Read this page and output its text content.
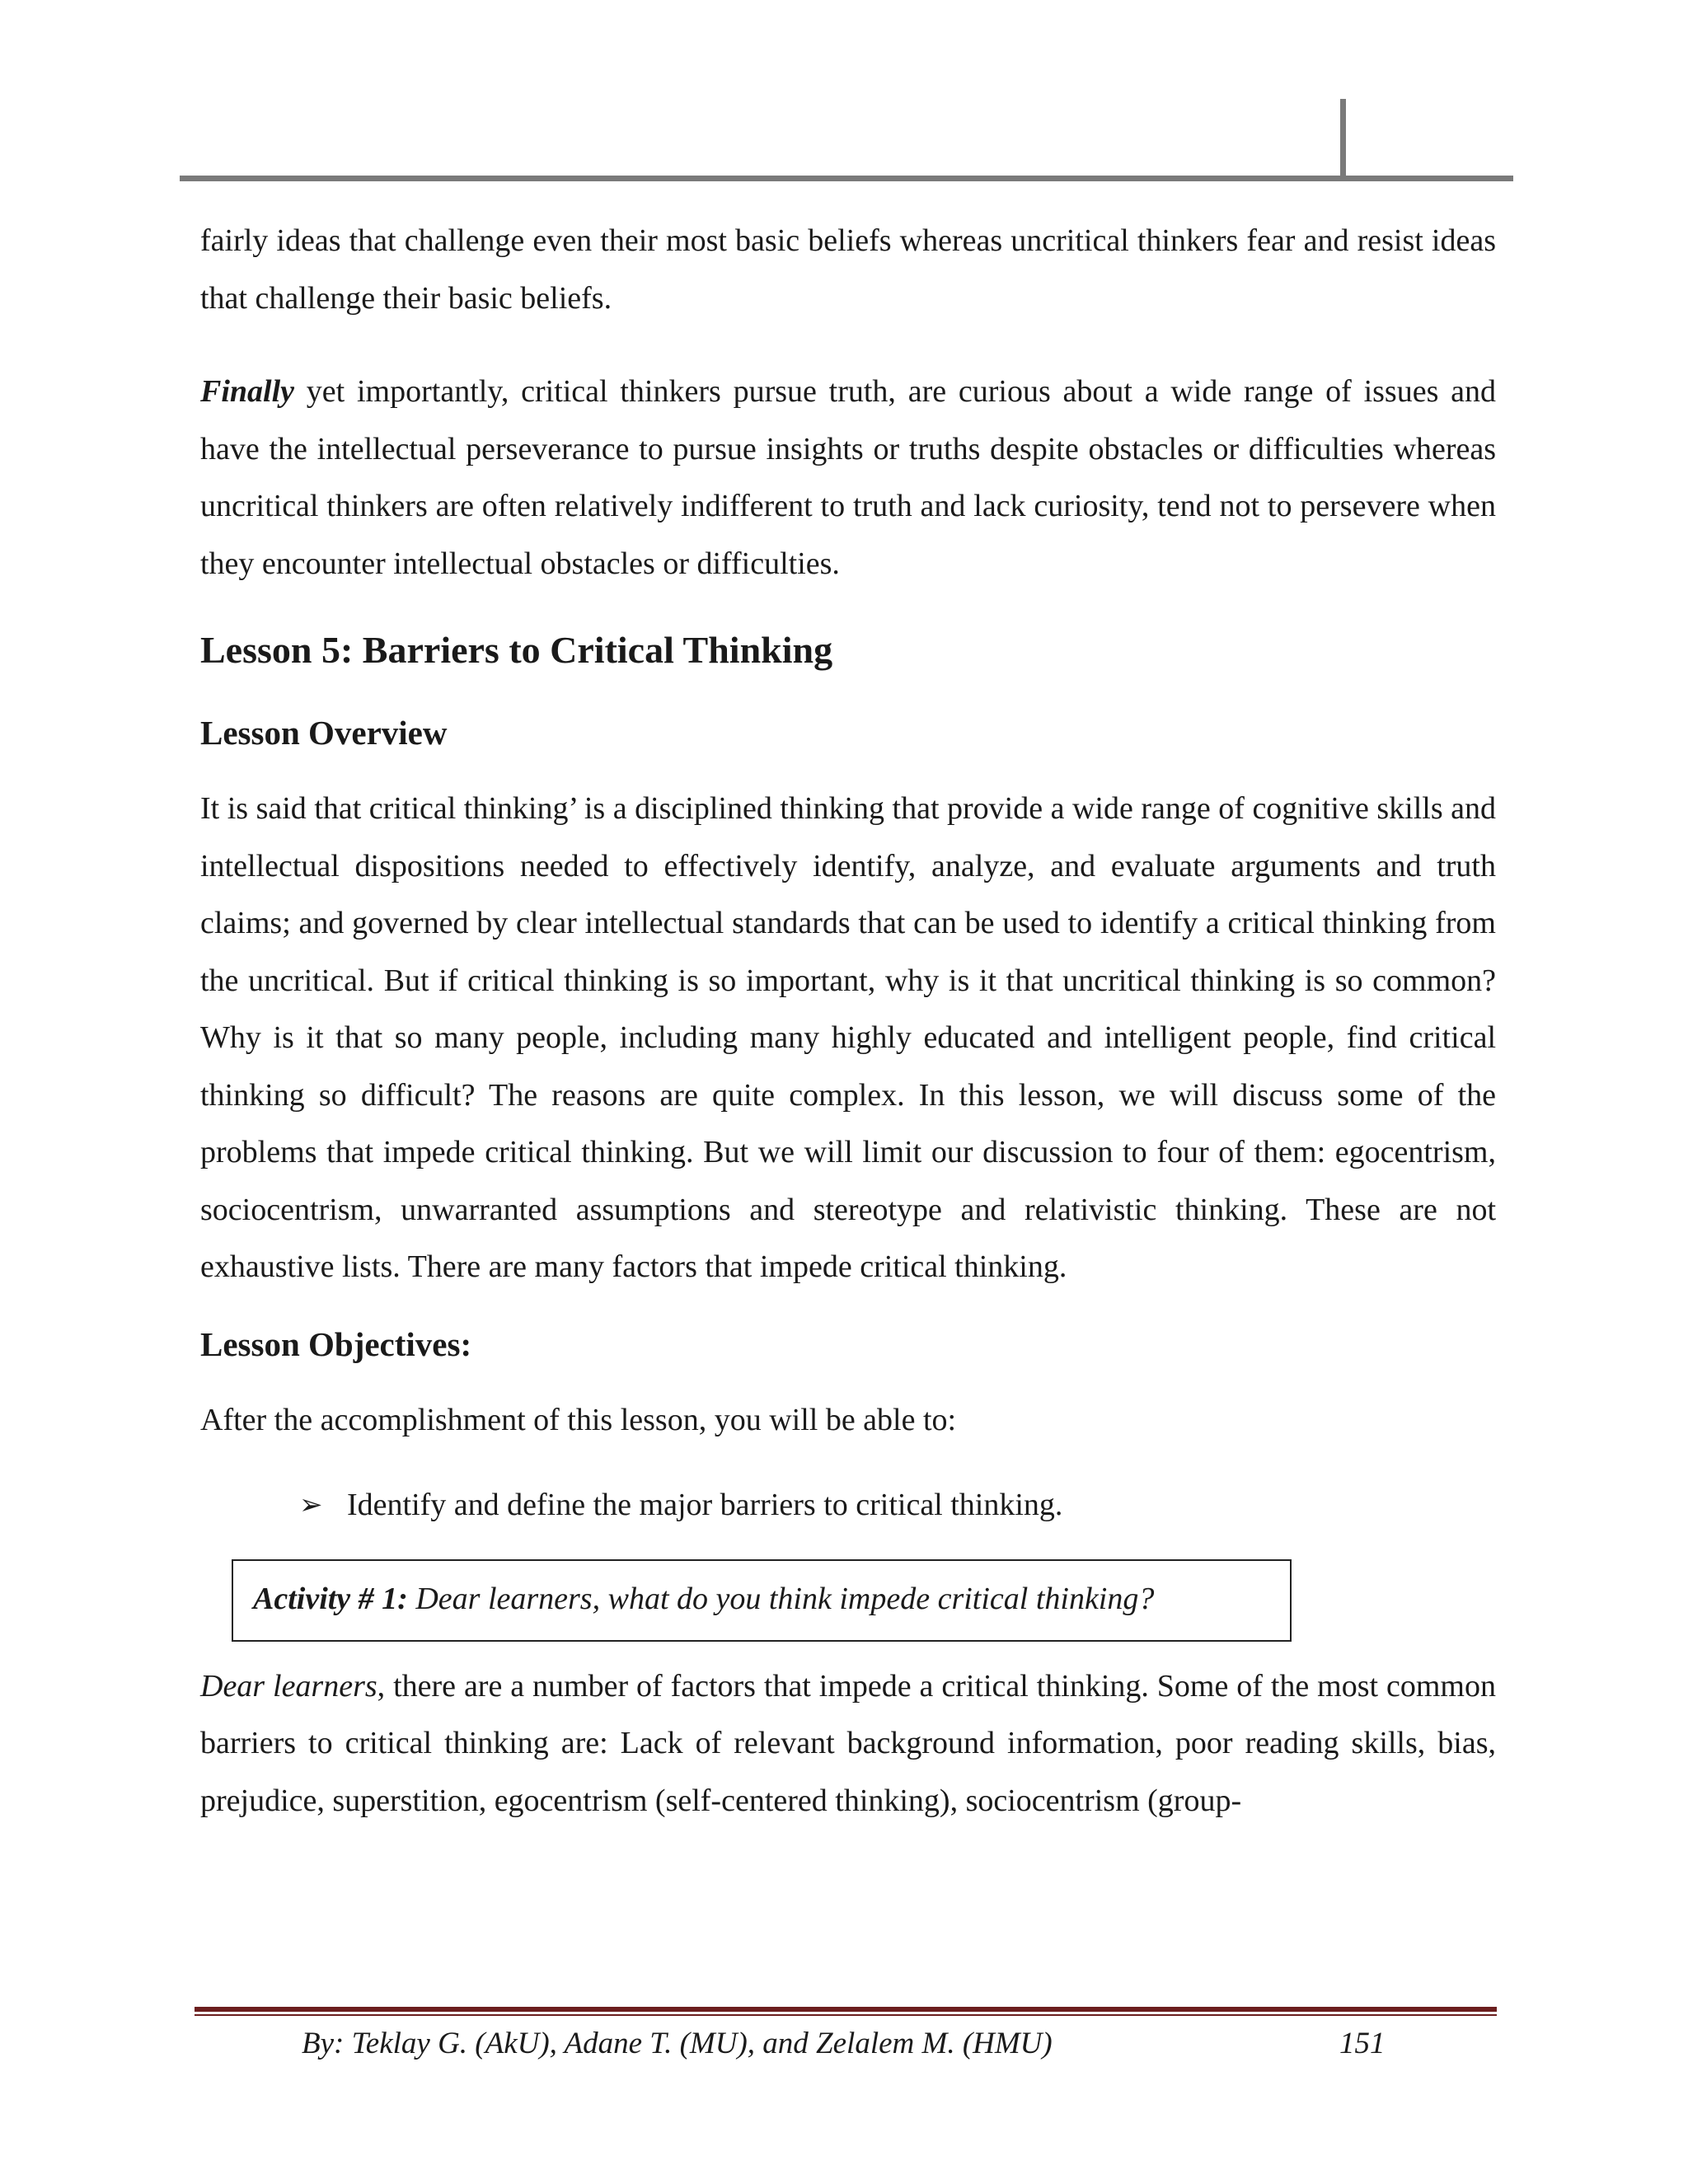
fairly ideas that challenge even their most basic beliefs whereas uncritical thinkers fear and resist ideas that challenge their basic beliefs.

Finally yet importantly, critical thinkers pursue truth, are curious about a wide range of issues and have the intellectual perseverance to pursue insights or truths despite obstacles or difficulties whereas uncritical thinkers are often relatively indifferent to truth and lack curiosity, tend not to persevere when they encounter intellectual obstacles or difficulties.

Lesson 5: Barriers to Critical Thinking
Lesson Overview

It is said that critical thinking’ is a disciplined thinking that provide a wide range of cognitive skills and intellectual dispositions needed to effectively identify, analyze, and evaluate arguments and truth claims; and governed by clear intellectual standards that can be used to identify a critical thinking from the uncritical. But if critical thinking is so important, why is it that uncritical thinking is so common? Why is it that so many people, including many highly educated and intelligent people, find critical thinking so difficult? The reasons are quite complex. In this lesson, we will discuss some of the problems that impede critical thinking. But we will limit our discussion to four of them: egocentrism, sociocentrism, unwarranted assumptions and stereotype and relativistic thinking. These are not exhaustive lists. There are many factors that impede critical thinking.

Lesson Objectives:

After the accomplishment of this lesson, you will be able to:

➢ Identify and define the major barriers to critical thinking.
Activity # 1: Dear learners, what do you think impede critical thinking?

Dear learners, there are a number of factors that impede a critical thinking. Some of the most common barriers to critical thinking are: Lack of relevant background information, poor reading skills, bias, prejudice, superstition, egocentrism (self-centered thinking), sociocentrism (group-

By: Teklay G. (AkU), Adane T. (MU), and Zelalem M. (HMU)	151
